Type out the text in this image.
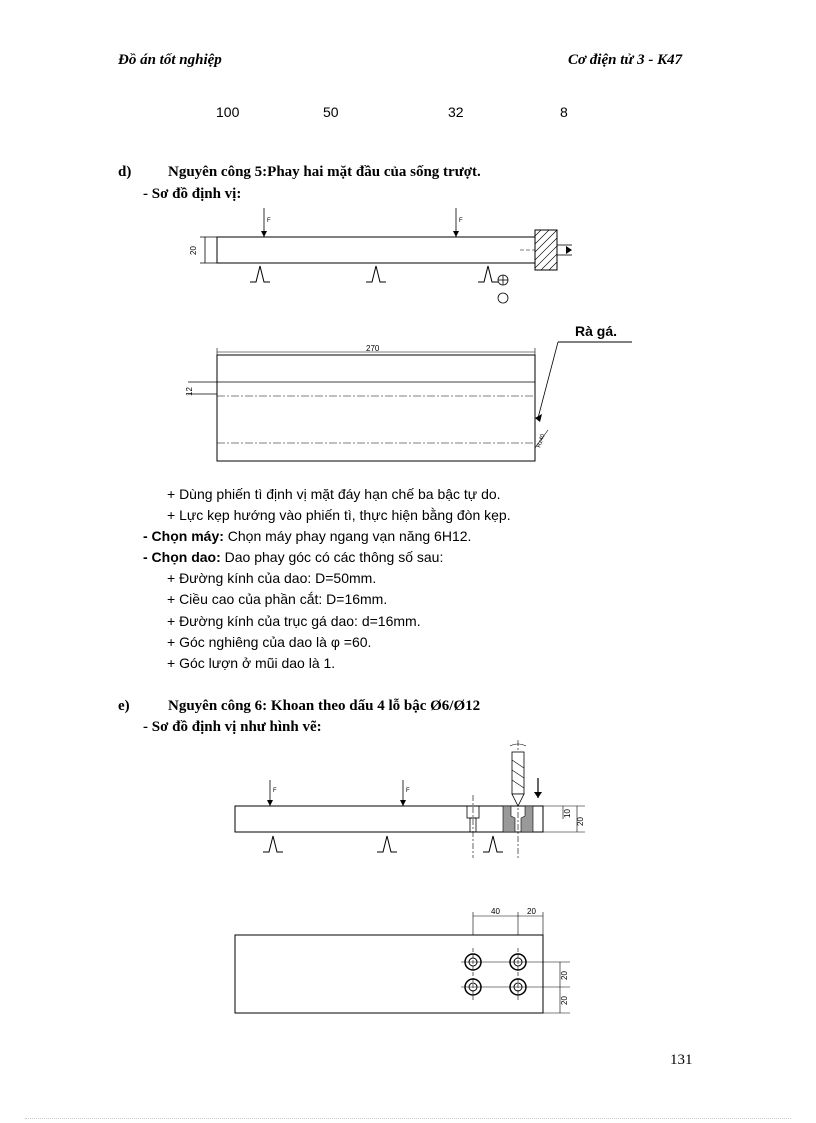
Đồ án tốt nghiệp	Cơ điện tử 3 - K47
100	50	32	8
d) Nguyên công 5:Phay hai mặt đầu của sống trượt.
- Sơ đồ định vị:
20
F	F
Rà gá.
270
12
Rz40
+ Dùng phiến tì định vị mặt đáy hạn chế ba bậc tự do.
+ Lực kẹp hướng vào phiến tì, thực hiện bằng đòn kẹp.
- Chọn máy: Chọn máy phay ngang vạn năng 6H12.
- Chọn dao: Dao phay góc có các thông số sau:
+ Đường kính của dao: D=50mm.
+ Ciều cao của phần cắt: D=16mm.
+ Đường kính của trục gá dao: d=16mm.
+ Góc nghiêng của dao là φ =60.
+ Góc lượn ở mũi dao là 1.
e)	Nguyên công 6: Khoan theo dấu 4 lỗ bậc Ø6/Ø12
- Sơ đồ định vị như hình vẽ:
F	F
10
20
40	20
20
20
131
